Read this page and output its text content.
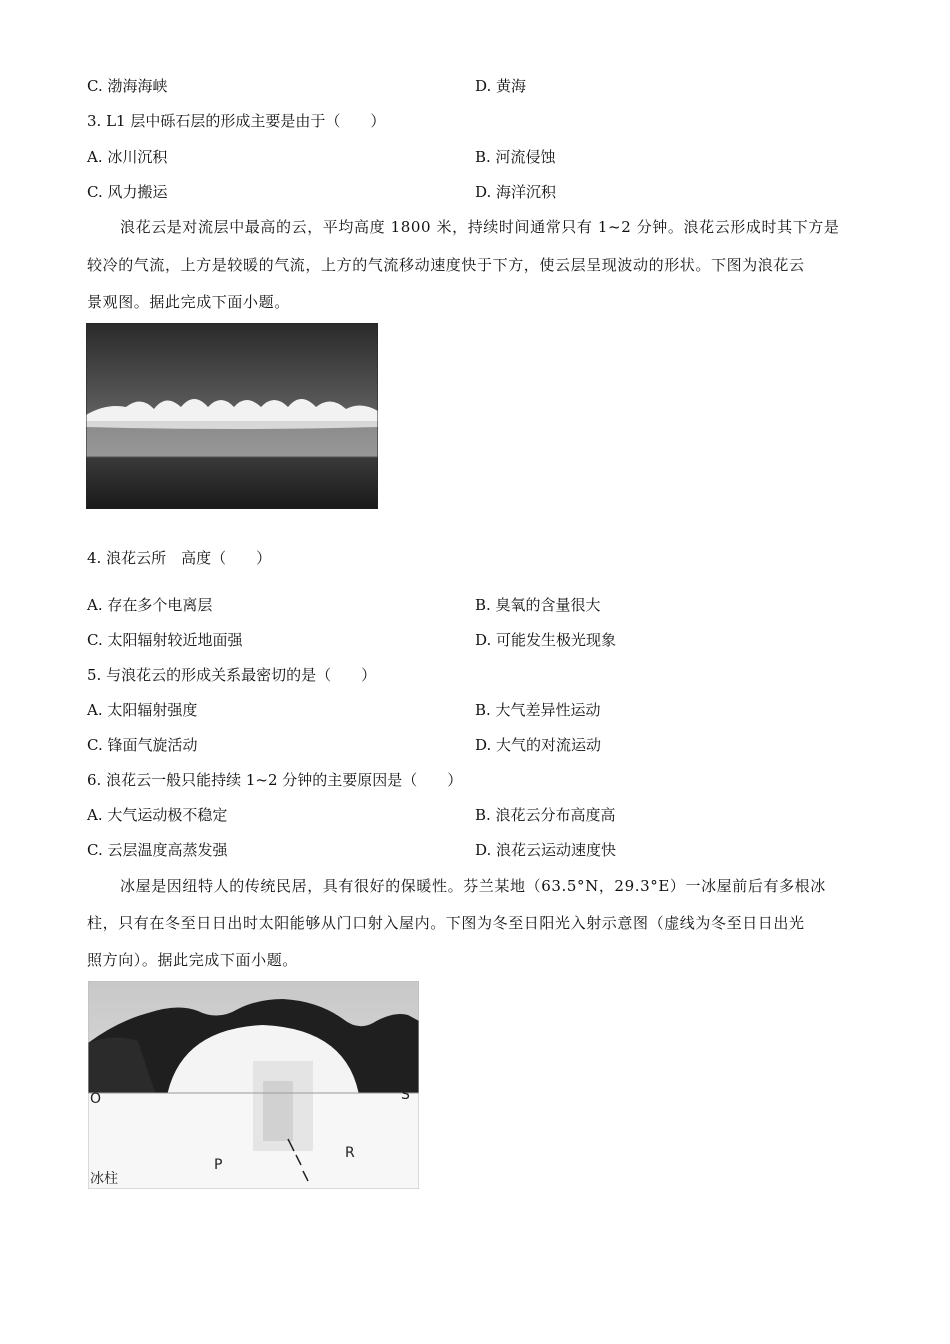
C. 渤海海峡	D. 黄海
3. L1 层中砾石层的形成主要是由于（　　）
A. 冰川沉积	B. 河流侵蚀
C. 风力搬运	D. 海洋沉积
浪花云是对流层中最高的云，平均高度 1800 米，持续时间通常只有 1~2 分钟。浪花云形成时其下方是
较冷的气流，上方是较暖的气流，上方的气流移动速度快于下方，使云层呈现波动的形状。下图为浪花云
景观图。据此完成下面小题。
4. 浪花云所　高度（　　）
A. 存在多个电离层	B. 臭氧的含量很大
C. 太阳辐射较近地面强	D. 可能发生极光现象
5. 与浪花云的形成关系最密切的是（　　）
A. 太阳辐射强度	B. 大气差异性运动
C. 锋面气旋活动	D. 大气的对流运动
6. 浪花云一般只能持续 1~2 分钟的主要原因是（　　）
A. 大气运动极不稳定	B. 浪花云分布高度高
C. 云层温度高蒸发强	D. 浪花云运动速度快
冰屋是因纽特人的传统民居，具有很好的保暖性。芬兰某地（63.5°N，29.3°E）一冰屋前后有多根冰
柱，只有在冬至日日出时太阳能够从门口射入屋内。下图为冬至日阳光入射示意图（虚线为冬至日日出光
照方向）。据此完成下面小题。
O	S
P
R
冰柱
